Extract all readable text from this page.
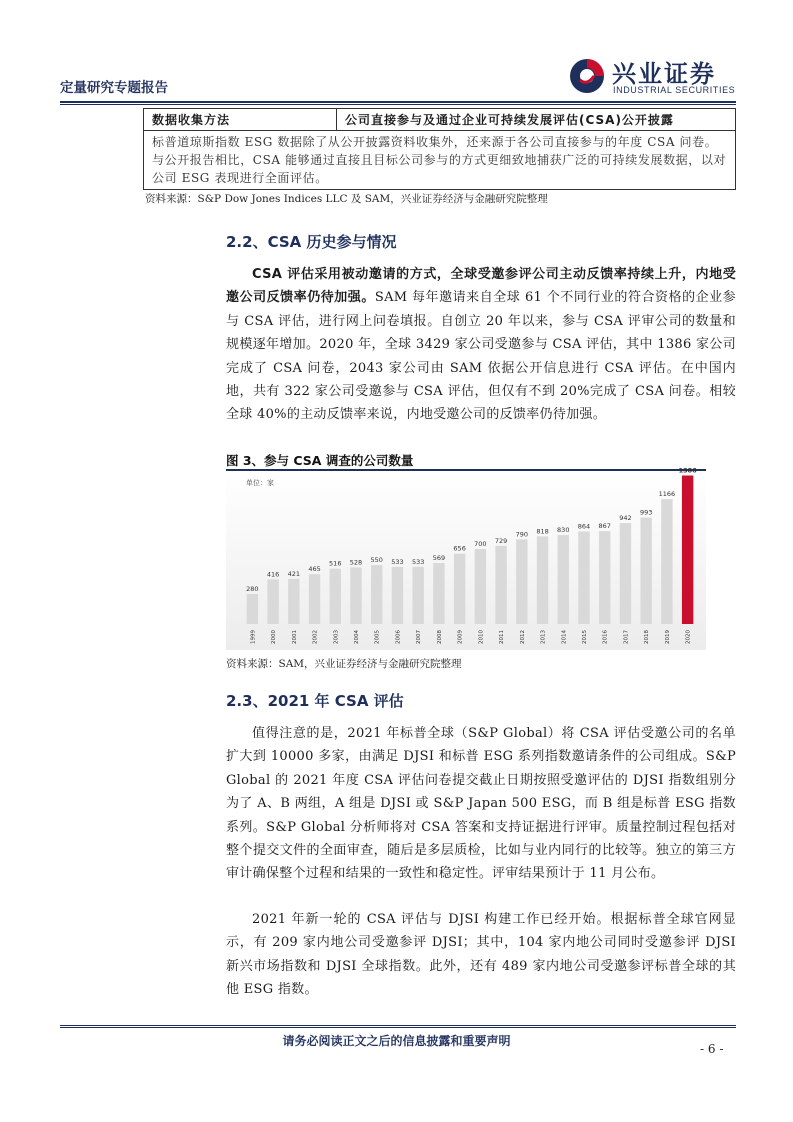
定量研究专题报告	兴业证券
INDUSTRIAL SECURITIES
数据收集方法	公司直接参与及通过企业可持续发展评估(CSA)公开披露
标普道琼斯指数 ESG 数据除了从公开披露资料收集外，还来源于各公司直接参与的年度 CSA 问卷。与公开报告相比，CSA 能够通过直接且目标公司参与的方式更细致地捕获广泛的可持续发展数据，以对公司 ESG 表现进行全面评估。
资料来源：S&P Dow Jones Indices LLC 及 SAM，兴业证券经济与金融研究院整理
2.2、CSA 历史参与情况

CSA 评估采用被动邀请的方式，全球受邀参评公司主动反馈率持续上升，内地受邀公司反馈率仍待加强。SAM 每年邀请来自全球 61 个不同行业的符合资格的企业参与 CSA 评估，进行网上问卷填报。自创立 20 年以来，参与 CSA 评审公司的数量和规模逐年增加。2020 年，全球 3429 家公司受邀参与 CSA 评估，其中 1386 家公司完成了 CSA 问卷，2043 家公司由 SAM 依据公开信息进行 CSA 评估。在中国内地，共有 322 家公司受邀参与 CSA 评估，但仅有不到 20%完成了 CSA 问卷。相较全球 40%的主动反馈率来说，内地受邀公司的反馈率仍待加强。

图 3、参与 CSA 调查的公司数量
单位：家
280
1999
416
2000
421
2001
465
2002
516
2003
528
2004
550
2005
533
2006
533
2007
569
2008
656
2009
700
2010
729
2011
790
2012
818
2013
830
2014
864
2015
867
2016
942
2017
993
2018
1166
2019
1386
2020
资料来源：SAM，兴业证券经济与金融研究院整理
2.3、2021 年 CSA 评估

值得注意的是，2021 年标普全球（S&P Global）将 CSA 评估受邀公司的名单扩大到 10000 多家，由满足 DJSI 和标普 ESG 系列指数邀请条件的公司组成。S&P Global 的 2021 年度 CSA 评估问卷提交截止日期按照受邀评估的 DJSI 指数组别分为了 A、B 两组，A 组是 DJSI 或 S&P Japan 500 ESG，而 B 组是标普 ESG 指数系列。S&P Global 分析师将对 CSA 答案和支持证据进行评审。质量控制过程包括对整个提交文件的全面审查，随后是多层质检，比如与业内同行的比较等。独立的第三方审计确保整个过程和结果的一致性和稳定性。评审结果预计于 11 月公布。

2021 年新一轮的 CSA 评估与 DJSI 构建工作已经开始。根据标普全球官网显示，有 209 家内地公司受邀参评 DJSI；其中，104 家内地公司同时受邀参评 DJSI 新兴市场指数和 DJSI 全球指数。此外，还有 489 家内地公司受邀参评标普全球的其他 ESG 指数。

请务必阅读正文之后的信息披露和重要声明
- 6 -
